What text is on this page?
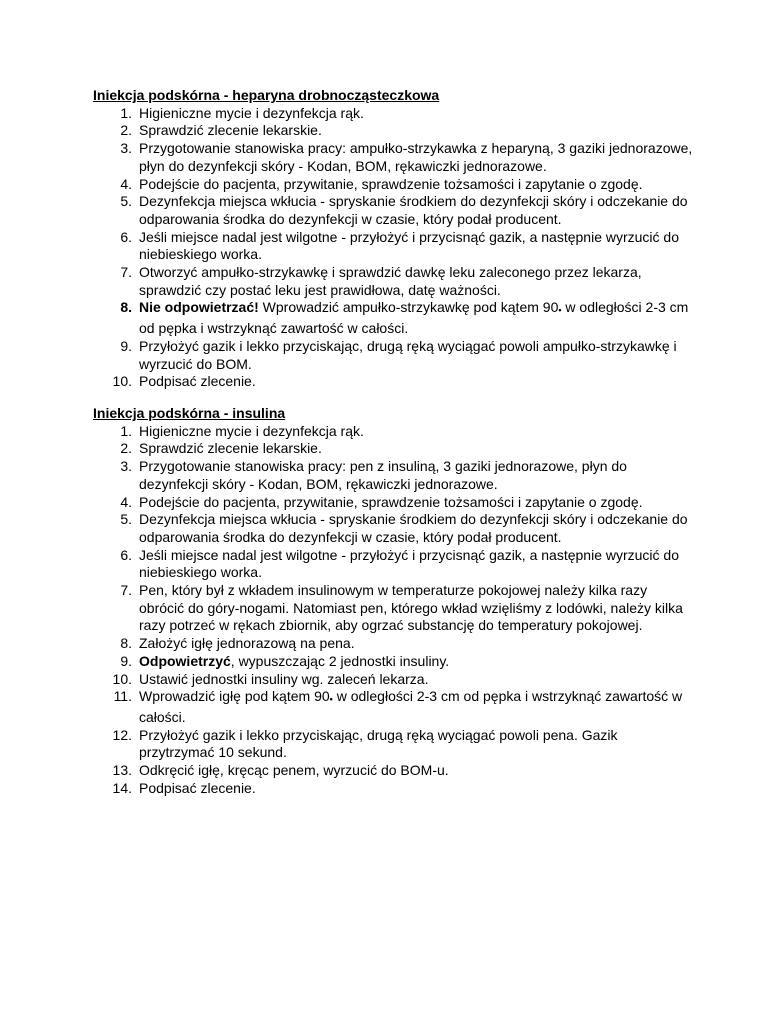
Iniekcja podskórna - heparyna drobnocząsteczkowa
1. Higieniczne mycie i dezynfekcja rąk.
2. Sprawdzić zlecenie lekarskie.
3. Przygotowanie stanowiska pracy: ampułko-strzykawka z heparyną, 3 gaziki jednorazowe, płyn do dezynfekcji skóry - Kodan, BOM, rękawiczki jednorazowe.
4. Podejście do pacjenta, przywitanie, sprawdzenie tożsamości i zapytanie o zgodę.
5. Dezynfekcja miejsca wkłucia - spryskanie środkiem do dezynfekcji skóry i odczekanie do odparowania środka do dezynfekcji w czasie, który podał producent.
6. Jeśli miejsce nadal jest wilgotne - przyłożyć i przycisnąć gazik, a następnie wyrzucić do niebieskiego worka.
7. Otworzyć ampułko-strzykawkę i sprawdzić dawkę leku zaleconego przez lekarza, sprawdzić czy postać leku jest prawidłowa, datę ważności.
8. Nie odpowietrzać! Wprowadzić ampułko-strzykawkę pod kątem 90• w odległości 2-3 cm od pępka i wstrzyknąć zawartość w całości.
9. Przyłożyć gazik i lekko przyciskając, drugą ręką wyciągać powoli ampułko-strzykawkę i wyrzucić do BOM.
10. Podpisać zlecenie.
Iniekcja podskórna - insulina
1. Higieniczne mycie i dezynfekcja rąk.
2. Sprawdzić zlecenie lekarskie.
3. Przygotowanie stanowiska pracy: pen z insuliną, 3 gaziki jednorazowe, płyn do dezynfekcji skóry - Kodan, BOM, rękawiczki jednorazowe.
4. Podejście do pacjenta, przywitanie, sprawdzenie tożsamości i zapytanie o zgodę.
5. Dezynfekcja miejsca wkłucia - spryskanie środkiem do dezynfekcji skóry i odczekanie do odparowania środka do dezynfekcji w czasie, który podał producent.
6. Jeśli miejsce nadal jest wilgotne - przyłożyć i przycisnąć gazik, a następnie wyrzucić do niebieskiego worka.
7. Pen, który był z wkładem insulinowym w temperaturze pokojowej należy kilka razy obrócić do góry-nogami. Natomiast pen, którego wkład wzięliśmy z lodówki, należy kilka razy potrzeć w rękach zbiornik, aby ogrzać substancję do temperatury pokojowej.
8. Założyć igłę jednorazową na pena.
9. Odpowietrzyć, wypuszczając 2 jednostki insuliny.
10. Ustawić jednostki insuliny wg. zaleceń lekarza.
11. Wprowadzić igłę pod kątem 90• w odległości 2-3 cm od pępka i wstrzyknąć zawartość w całości.
12. Przyłożyć gazik i lekko przyciskając, drugą ręką wyciągać powoli pena. Gazik przytrzymać 10 sekund.
13. Odkręcić igłę, kręcąc penem, wyrzucić do BOM-u.
14. Podpisać zlecenie.
